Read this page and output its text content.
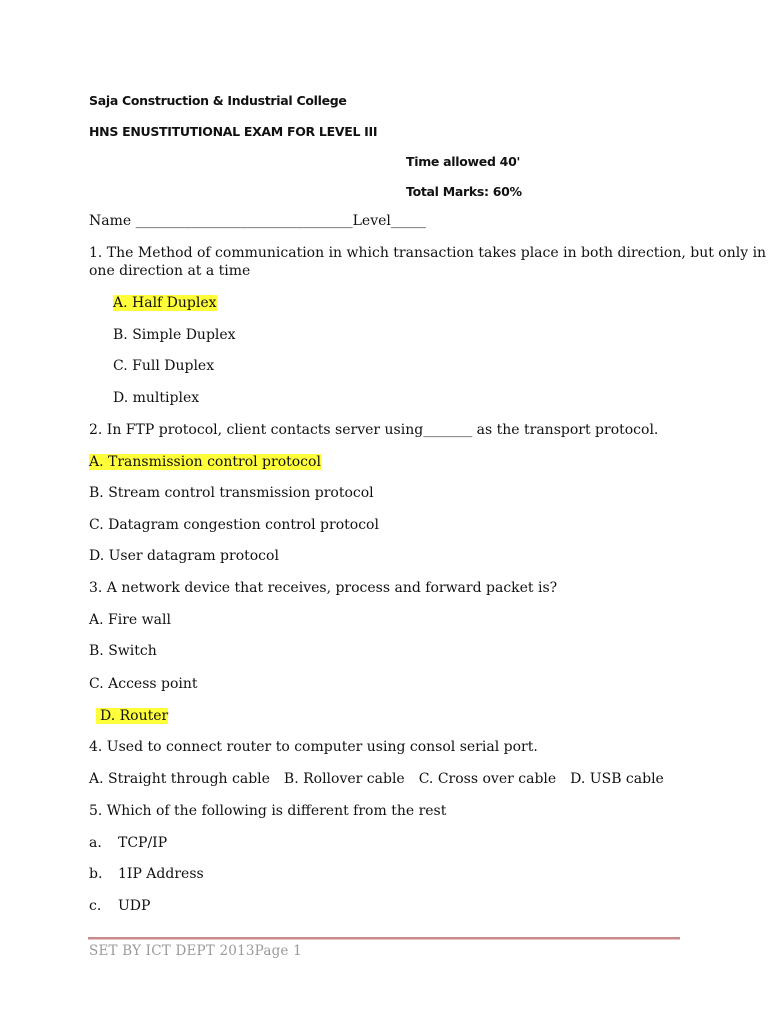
Saja Construction & Industrial College
HNS ENUSTITUTIONAL EXAM FOR LEVEL III
Time allowed 40'
Total Marks: 60%
Name _______________________________Level_____
1. The Method of communication in which transaction takes place in both direction, but only in
one direction at a time
A. Half Duplex
B. Simple Duplex
C. Full Duplex
D. multiplex
2. In FTP protocol, client contacts server using_______ as the transport protocol.
A. Transmission control protocol
B. Stream control transmission protocol
C. Datagram congestion control protocol
D. User datagram protocol
3. A network device that receives, process and forward packet is?
A. Fire wall
B. Switch
C. Access point
D. Router
4. Used to connect router to computer using consol serial port.
A. Straight through cable B. Rollover cable C. Cross over cable D. USB cable
5. Which of the following is different from the rest
a. TCP/IP
b. 1IP Address
c. UDP
SET BY ICT DEPT 2013Page 1
